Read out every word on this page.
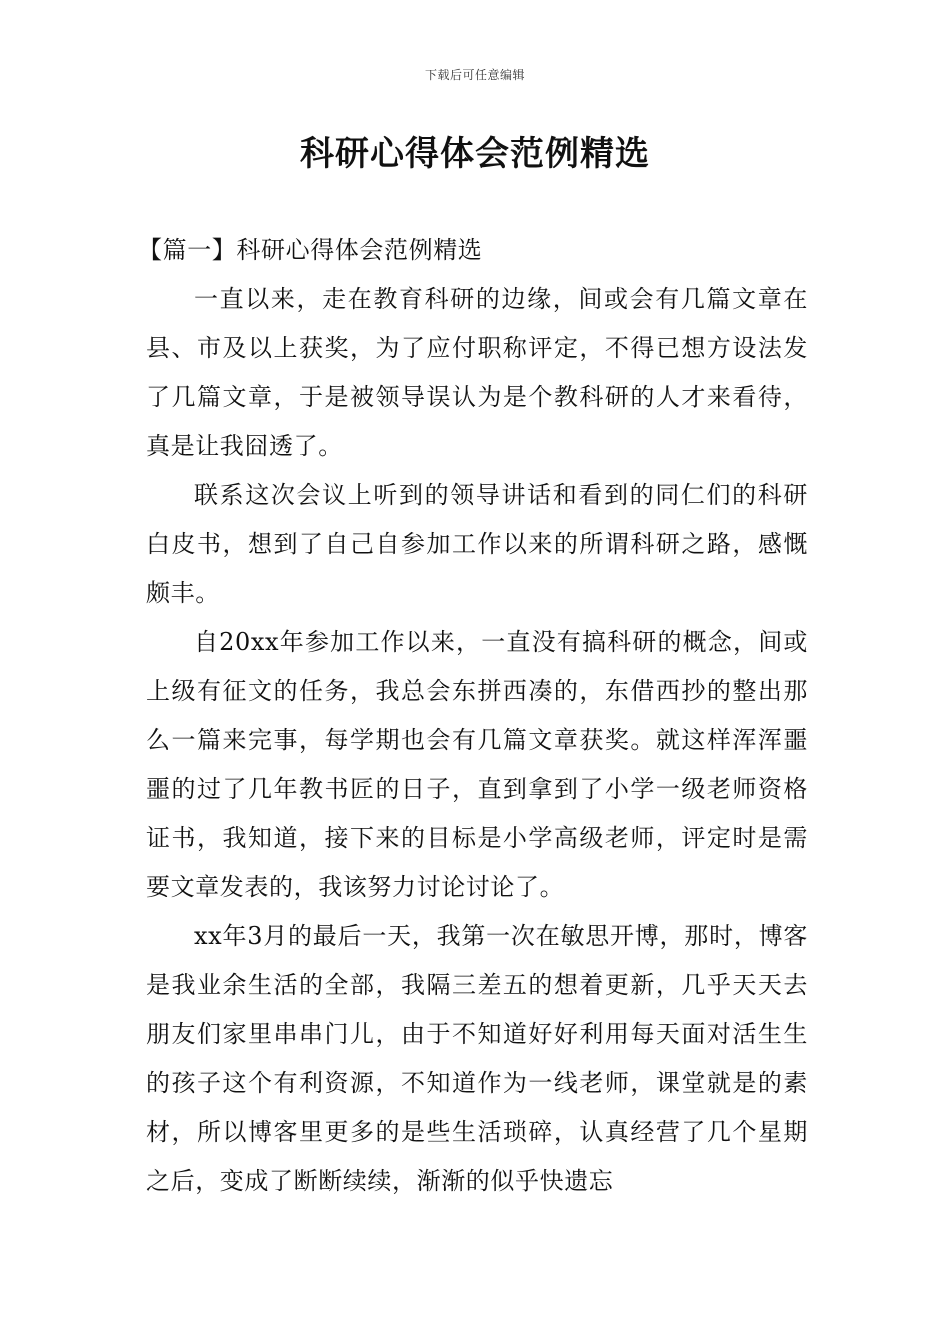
下载后可任意编辑
科研心得体会范例精选

【篇一】科研心得体会范例精选

一直以来，走在教育科研的边缘，间或会有几篇文章在县、市及以上获奖，为了应付职称评定，不得已想方设法发了几篇文章，于是被领导误认为是个教科研的人才来看待，真是让我囧透了。

联系这次会议上听到的领导讲话和看到的同仁们的科研白皮书，想到了自己自参加工作以来的所谓科研之路，感慨颇丰。

自20xx年参加工作以来，一直没有搞科研的概念，间或上级有征文的任务，我总会东拼西凑的，东借西抄的整出那么一篇来完事，每学期也会有几篇文章获奖。就这样浑浑噩噩的过了几年教书匠的日子，直到拿到了小学一级老师资格证书，我知道，接下来的目标是小学高级老师，评定时是需要文章发表的，我该努力讨论讨论了。

xx年3月的最后一天，我第一次在敏思开博，那时，博客是我业余生活的全部，我隔三差五的想着更新，几乎天天去朋友们家里串串门儿，由于不知道好好利用每天面对活生生的孩子这个有利资源，不知道作为一线老师，课堂就是的素材，所以博客里更多的是些生活琐碎，认真经营了几个星期之后，变成了断断续续，渐渐的似乎快遗忘
